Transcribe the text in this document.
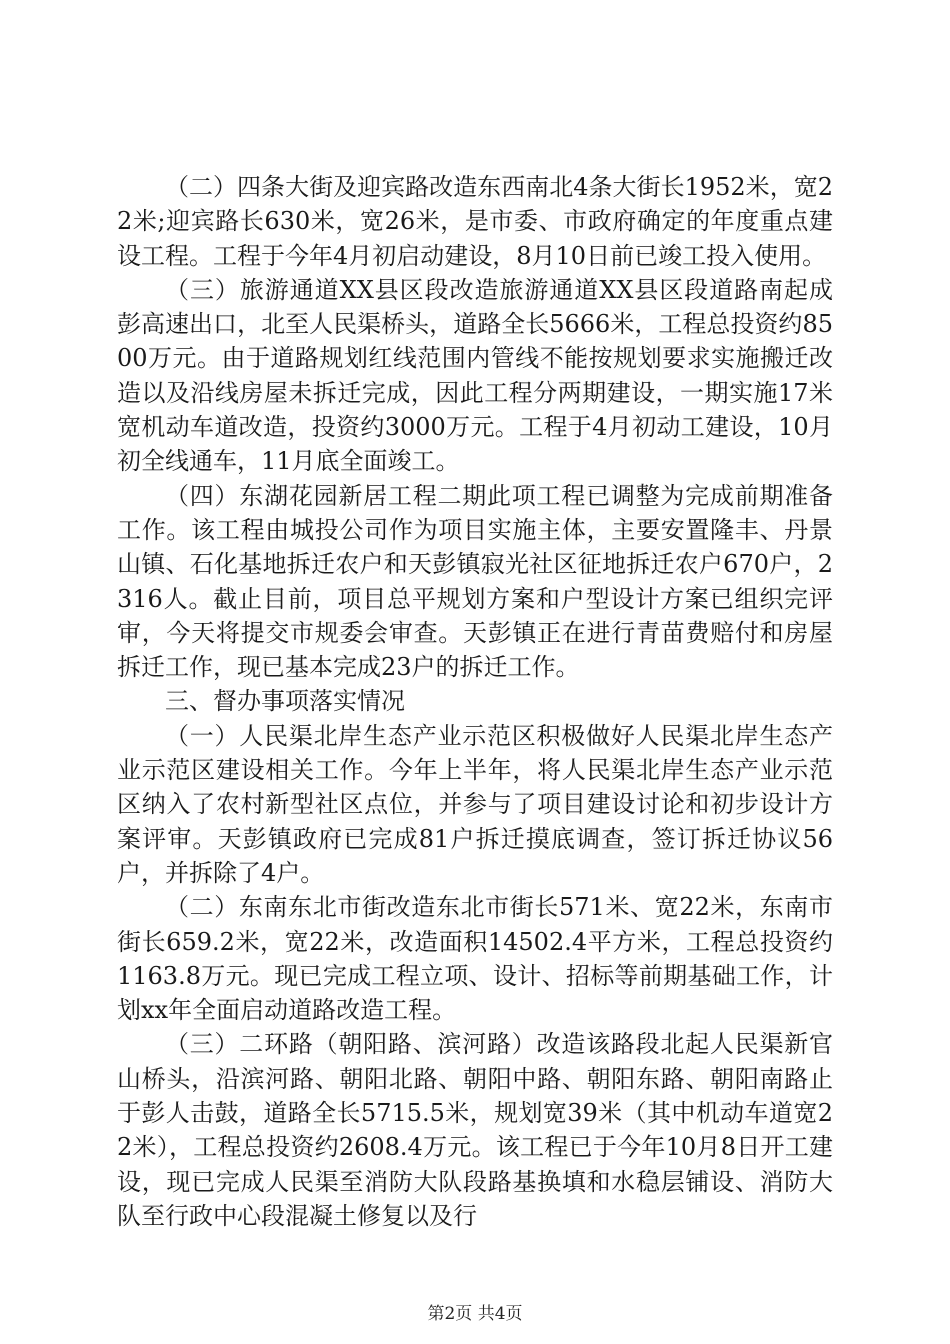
（二）四条大街及迎宾路改造东西南北4条大街长1952米，宽22米;迎宾路长630米，宽26米，是市委、市政府确定的年度重点建设工程。工程于今年4月初启动建设，8月10日前已竣工投入使用。

（三）旅游通道XX县区段改造旅游通道XX县区段道路南起成彭高速出口，北至人民渠桥头，道路全长5666米，工程总投资约8500万元。由于道路规划红线范围内管线不能按规划要求实施搬迁改造以及沿线房屋未拆迁完成，因此工程分两期建设，一期实施17米宽机动车道改造，投资约3000万元。工程于4月初动工建设，10月初全线通车，11月底全面竣工。

（四）东湖花园新居工程二期此项工程已调整为完成前期准备工作。该工程由城投公司作为项目实施主体，主要安置隆丰、丹景山镇、石化基地拆迁农户和天彭镇寂光社区征地拆迁农户670户，2316人。截止目前，项目总平规划方案和户型设计方案已组织完评审，今天将提交市规委会审查。天彭镇正在进行青苗费赔付和房屋拆迁工作，现已基本完成23户的拆迁工作。

三、督办事项落实情况

（一）人民渠北岸生态产业示范区积极做好人民渠北岸生态产业示范区建设相关工作。今年上半年，将人民渠北岸生态产业示范区纳入了农村新型社区点位，并参与了项目建设讨论和初步设计方案评审。天彭镇政府已完成81户拆迁摸底调查，签订拆迁协议56户，并拆除了4户。

（二）东南东北市街改造东北市街长571米、宽22米，东南市街长659.2米，宽22米，改造面积14502.4平方米，工程总投资约1163.8万元。现已完成工程立项、设计、招标等前期基础工作，计划xx年全面启动道路改造工程。

（三）二环路（朝阳路、滨河路）改造该路段北起人民渠新官山桥头，沿滨河路、朝阳北路、朝阳中路、朝阳东路、朝阳南路止于彭人击鼓，道路全长5715.5米，规划宽39米（其中机动车道宽22米），工程总投资约2608.4万元。该工程已于今年10月8日开工建设，现已完成人民渠至消防大队段路基换填和水稳层铺设、消防大队至行政中心段混凝土修复以及行

第2页 共4页
